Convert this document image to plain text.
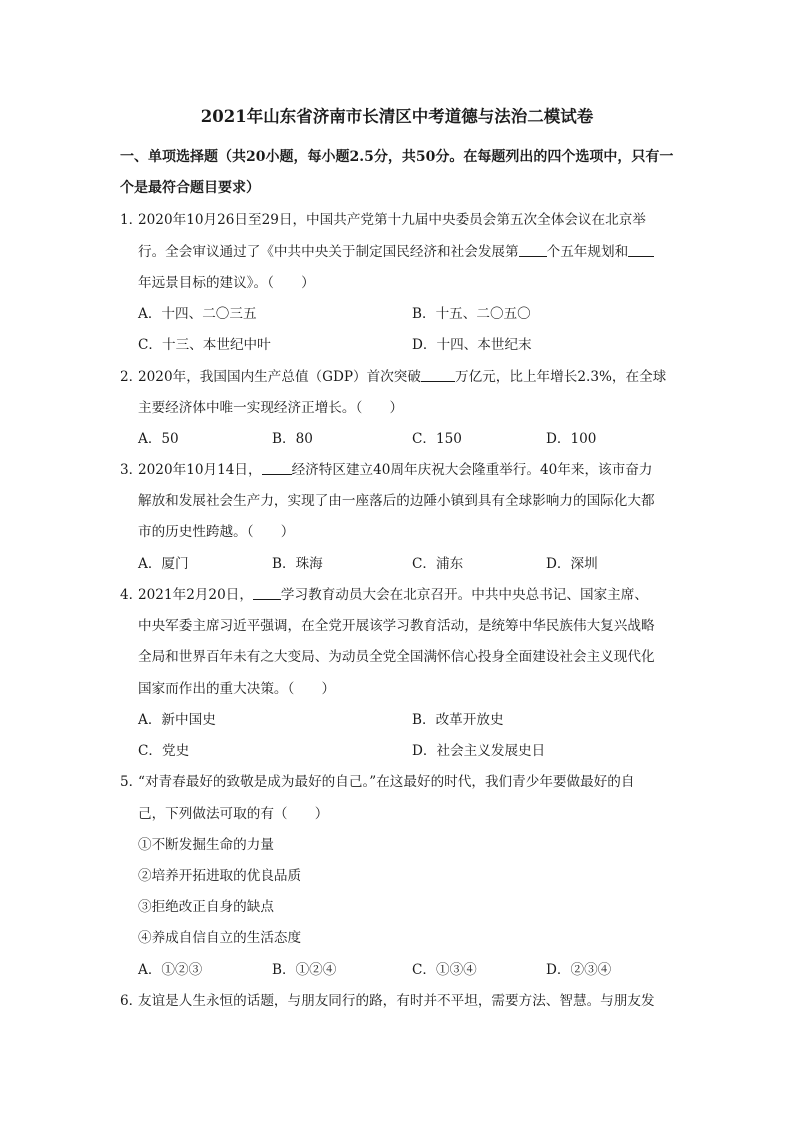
2021年山东省济南市长清区中考道德与法治二模试卷
一、单项选择题（共20小题，每小题2.5分，共50分。在每题列出的四个选项中，只有一
个是最符合题目要求）
1．2020年10月26日至29日，中国共产党第十九届中央委员会第五次全体会议在北京举
行。全会审议通过了《中共中央关于制定国民经济和社会发展第 个五年规划和
年远景目标的建议》。（　　）
A．十四、二〇三五	B．十五、二〇五〇
C．十三、本世纪中叶	D．十四、本世纪末
2．2020年，我国国内生产总值（GDP）首次突破	万亿元，比上年增长2.3%，在全球
主要经济体中唯一实现经济正增长。（　　）
A．50	B．80	C．150	D．100
3．2020年10月14日， 经济特区建立40周年庆祝大会隆重举行。40年来，该市奋力
解放和发展社会生产力，实现了由一座落后的边陲小镇到具有全球影响力的国际化大都
市的历史性跨越。（　　）
A．厦门	B．珠海	C．浦东	D．深圳
4．2021年2月20日， 学习教育动员大会在北京召开。中共中央总书记、国家主席、
中央军委主席习近平强调，在全党开展该学习教育活动，是统筹中华民族伟大复兴战略
全局和世界百年未有之大变局、为动员全党全国满怀信心投身全面建设社会主义现代化
国家而作出的重大决策。（　　）
A．新中国史	B．改革开放史
C．党史	D．社会主义发展史日
5．“对青春最好的致敬是成为最好的自己。”在这最好的时代，我们青少年要做最好的自
己，下列做法可取的有（　　）
①不断发掘生命的力量
②培养开拓进取的优良品质
③拒绝改正自身的缺点
④养成自信自立的生活态度
A．①②③	B．①②④	C．①③④	D．②③④
6．友谊是人生永恒的话题，与朋友同行的路，有时并不平坦，需要方法、智慧。与朋友发
